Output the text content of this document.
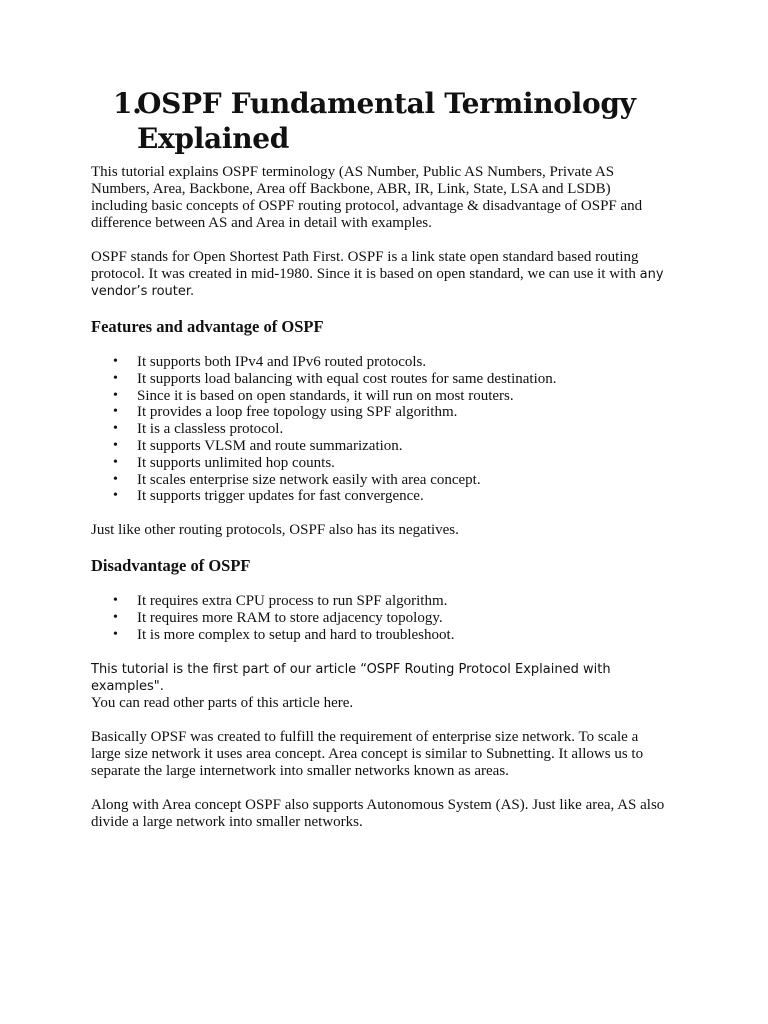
1.OSPF Fundamental Terminology
Explained

This tutorial explains OSPF terminology (AS Number, Public AS Numbers, Private AS Numbers, Area, Backbone, Area off Backbone, ABR, IR, Link, State, LSA and LSDB) including basic concepts of OSPF routing protocol, advantage & disadvantage of OSPF and difference between AS and Area in detail with examples.

OSPF stands for Open Shortest Path First. OSPF is a link state open standard based routing protocol. It was created in mid-1980. Since it is based on open standard, we can use it with any vendor’s router.

Features and advantage of OSPF
• It supports both IPv4 and IPv6 routed protocols.
• It supports load balancing with equal cost routes for same destination.
• Since it is based on open standards, it will run on most routers.
• It provides a loop free topology using SPF algorithm.
• It is a classless protocol.
• It supports VLSM and route summarization.
• It supports unlimited hop counts.
• It scales enterprise size network easily with area concept.
• It supports trigger updates for fast convergence.

Just like other routing protocols, OSPF also has its negatives.

Disadvantage of OSPF
• It requires extra CPU process to run SPF algorithm.
• It requires more RAM to store adjacency topology.
• It is more complex to setup and hard to troubleshoot.

This tutorial is the first part of our article “OSPF Routing Protocol Explained with examples".
You can read other parts of this article here.

Basically OPSF was created to fulfill the requirement of enterprise size network. To scale a large size network it uses area concept. Area concept is similar to Subnetting. It allows us to separate the large internetwork into smaller networks known as areas.

Along with Area concept OSPF also supports Autonomous System (AS). Just like area, AS also divide a large network into smaller networks.
